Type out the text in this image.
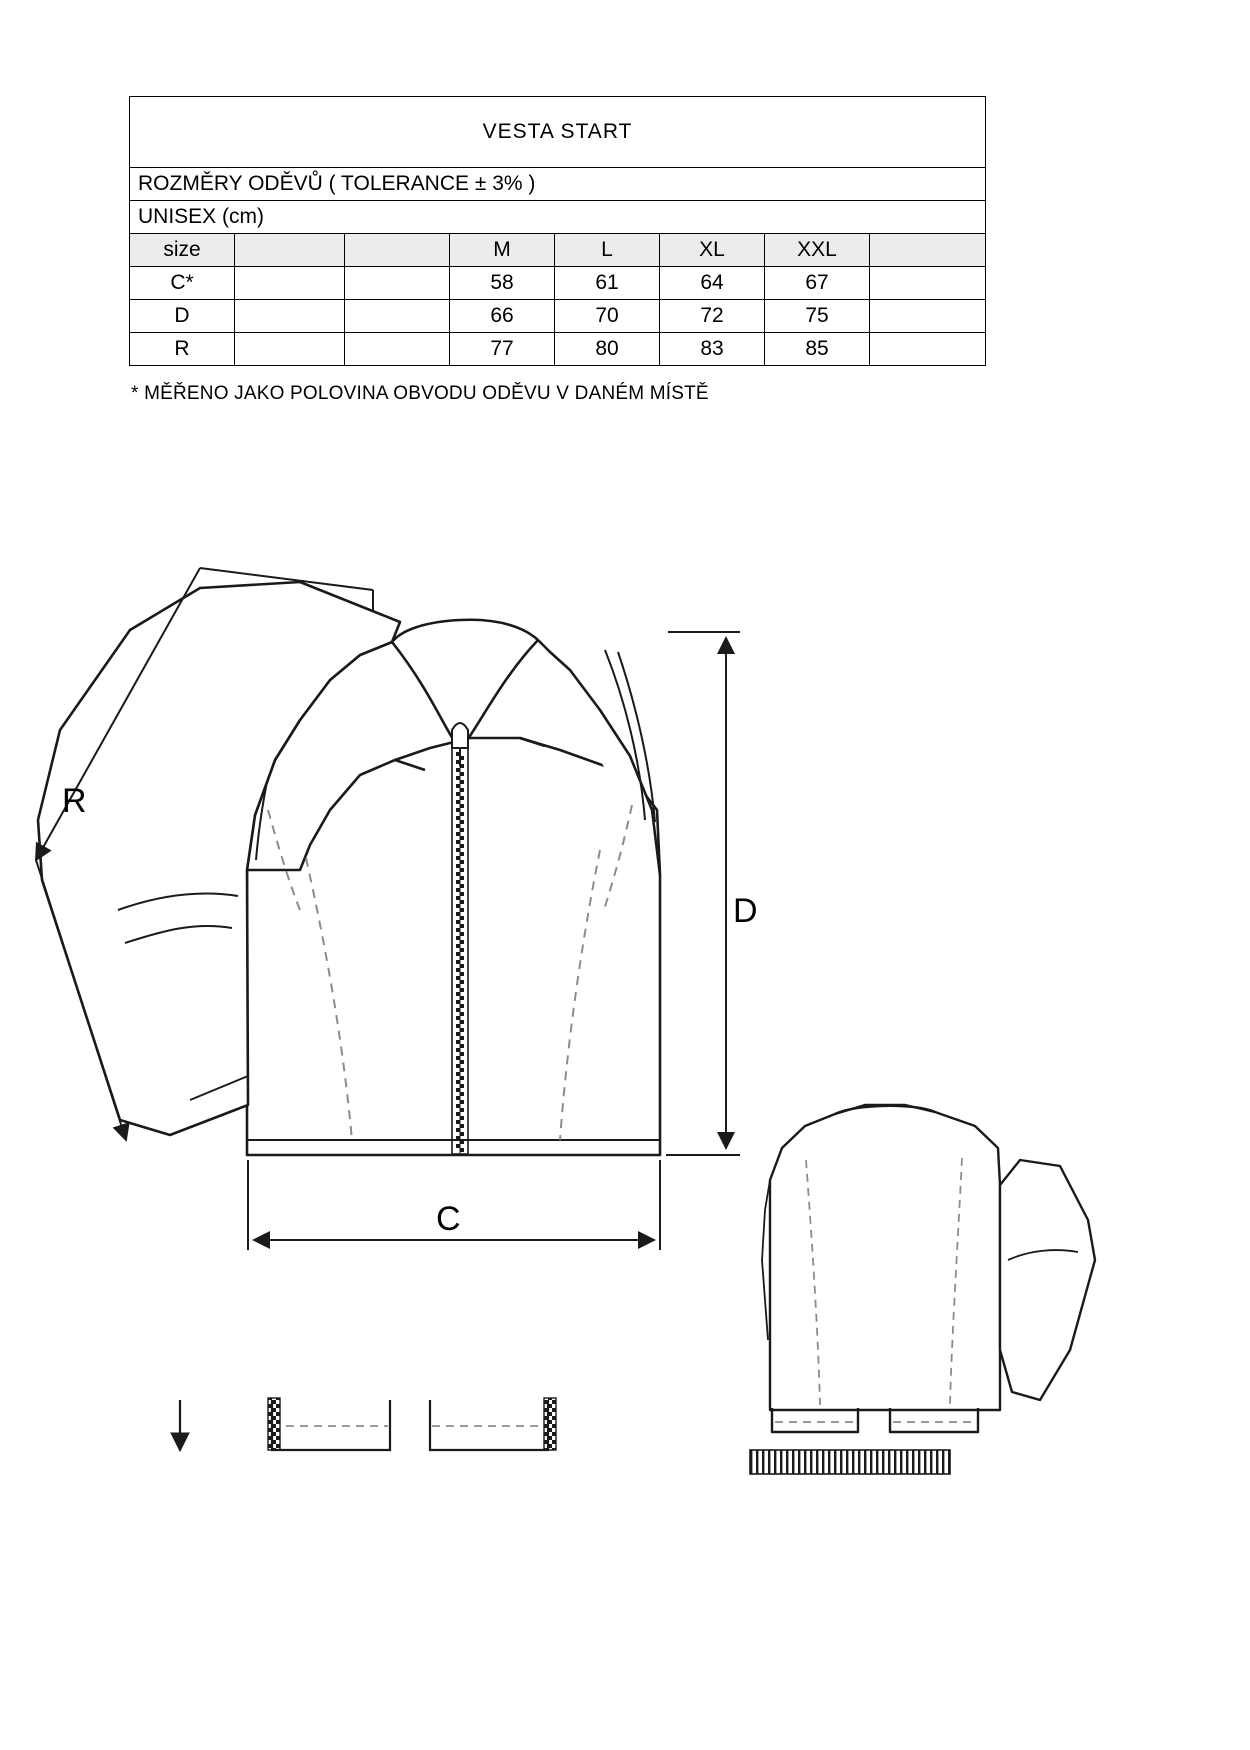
VESTA START							
ROZMĚRY ODĚVŮ ( TOLERANCE ± 3% )							
UNISEX (cm)							
size			M	L	XL	XXL	
C*			58	61	64	67	
D			66	70	72	75	
R			77	80	83	85	
* MĚŘENO JAKO POLOVINA OBVODU ODĚVU V DANÉM MÍSTĚ
R
D
C
